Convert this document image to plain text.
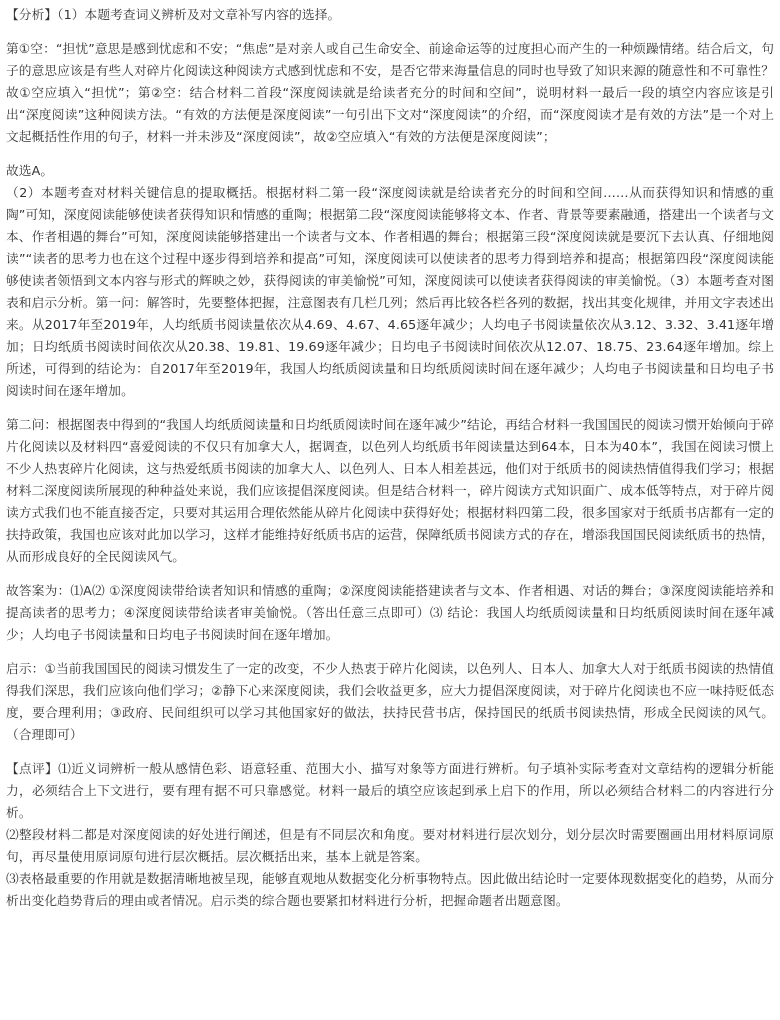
【分析】（1）本题考查词义辨析及对文章补写内容的选择。

第①空：“担忧”意思是感到忧虑和不安；“焦虑”是对亲人或自己生命安全、前途命运等的过度担心而产生的一种烦躁情绪。结合后文，句子的意思应该是有些人对碎片化阅读这种阅读方式感到忧虑和不安，是否它带来海量信息的同时也导致了知识来源的随意性和不可靠性？故①空应填入“担忧”；第②空：结合材料二首段“深度阅读就是给读者充分的时间和空间”，说明材料一最后一段的填空内容应该是引出“深度阅读”这种阅读方法。“有效的方法便是深度阅读”一句引出下文对“深度阅读”的介绍，而“深度阅读才是有效的方法”是一个对上文起概括性作用的句子，材料一并未涉及“深度阅读”，故②空应填入“有效的方法便是深度阅读”；

故选A。

（2）本题考查对材料关键信息的提取概括。根据材料二第一段“深度阅读就是给读者充分的时间和空间……从而获得知识和情感的重陶”可知，深度阅读能够使读者获得知识和情感的重陶；根据第二段“深度阅读能够将文本、作者、背景等要素融通，搭建出一个读者与文本、作者相遇的舞台”可知，深度阅读能够搭建出一个读者与文本、作者相遇的舞台；根据第三段“深度阅读就是要沉下去认真、仔细地阅读”“读者的思考力也在这个过程中逐步得到培养和提高”可知，深度阅读可以使读者的思考力得到培养和提高；根据第四段“深度阅读能够使读者领悟到文本内容与形式的辉映之妙，获得阅读的审美愉悦”可知，深度阅读可以使读者获得阅读的审美愉悦。（3）本题考查对图表和启示分析。第一问：解答时，先要整体把握，注意图表有几栏几列；然后再比较各栏各列的数据，找出其变化规律，并用文字表述出来。从2017年至2019年，人均纸质书阅读量依次从4.69、4.67、4.65逐年减少；人均电子书阅读量依次从3.12、3.32、3.41逐年增加；日均纸质书阅读时间依次从20.38、19.81、19.69逐年减少；日均电子书阅读时间依次从12.07、18.75、23.64逐年增加。综上所述，可得到的结论为：自2017年至2019年，我国人均纸质阅读量和日均纸质阅读时间在逐年减少；人均电子书阅读量和日均电子书阅读时间在逐年增加。

第二问：根据图表中得到的“我国人均纸质阅读量和日均纸质阅读时间在逐年减少”结论，再结合材料一我国国民的阅读习惯开始倾向于碎片化阅读以及材料四“喜爱阅读的不仅只有加拿大人，据调查，以色列人均纸质书年阅读量达到64本，日本为40本”，我国在阅读习惯上不少人热衷碎片化阅读，这与热爱纸质书阅读的加拿大人、以色列人、日本人相差甚远，他们对于纸质书的阅读热情值得我们学习；根据材料二深度阅读所展现的种种益处来说，我们应该提倡深度阅读。但是结合材料一，碎片阅读方式知识面广、成本低等特点，对于碎片阅读方式我们也不能直接否定，只要对其运用合理依然能从碎片化阅读中获得好处；根据材料四第二段，很多国家对于纸质书店都有一定的扶持政策，我国也应该对此加以学习，这样才能维持好纸质书店的运营，保障纸质书阅读方式的存在，增添我国国民阅读纸质书的热情，从而形成良好的全民阅读风气。

故答案为：⑴A⑵ ①深度阅读带给读者知识和情感的重陶；②深度阅读能搭建读者与文本、作者相遇、对话的舞台；③深度阅读能培养和提高读者的思考力；④深度阅读带给读者审美愉悦。（答出任意三点即可）⑶ 结论：我国人均纸质阅读量和日均纸质阅读时间在逐年减少；人均电子书阅读量和日均电子书阅读时间在逐年增加。

启示：①当前我国国民的阅读习惯发生了一定的改变，不少人热衷于碎片化阅读，以色列人、日本人、加拿大人对于纸质书阅读的热情值得我们深思，我们应该向他们学习；②静下心来深度阅读，我们会收益更多，应大力提倡深度阅读，对于碎片化阅读也不应一味持贬低态度，要合理利用；③政府、民间组织可以学习其他国家好的做法，扶持民营书店，保持国民的纸质书阅读热情，形成全民阅读的风气。（合理即可）

【点评】⑴近义词辨析一般从感情色彩、语意轻重、范围大小、描写对象等方面进行辨析。句子填补实际考查对文章结构的逻辑分析能力，必须结合上下文进行，要有理有据不可只靠感觉。材料一最后的填空应该起到承上启下的作用，所以必须结合材料二的内容进行分析。

⑵整段材料二都是对深度阅读的好处进行阐述，但是有不同层次和角度。要对材料进行层次划分，划分层次时需要圈画出用材料原词原句，再尽量使用原词原句进行层次概括。层次概括出来，基本上就是答案。

⑶表格最重要的作用就是数据清晰地被呈现，能够直观地从数据变化分析事物特点。因此做出结论时一定要体现数据变化的趋势，从而分析出变化趋势背后的理由或者情况。启示类的综合题也要紧扣材料进行分析，把握命题者出题意图。
